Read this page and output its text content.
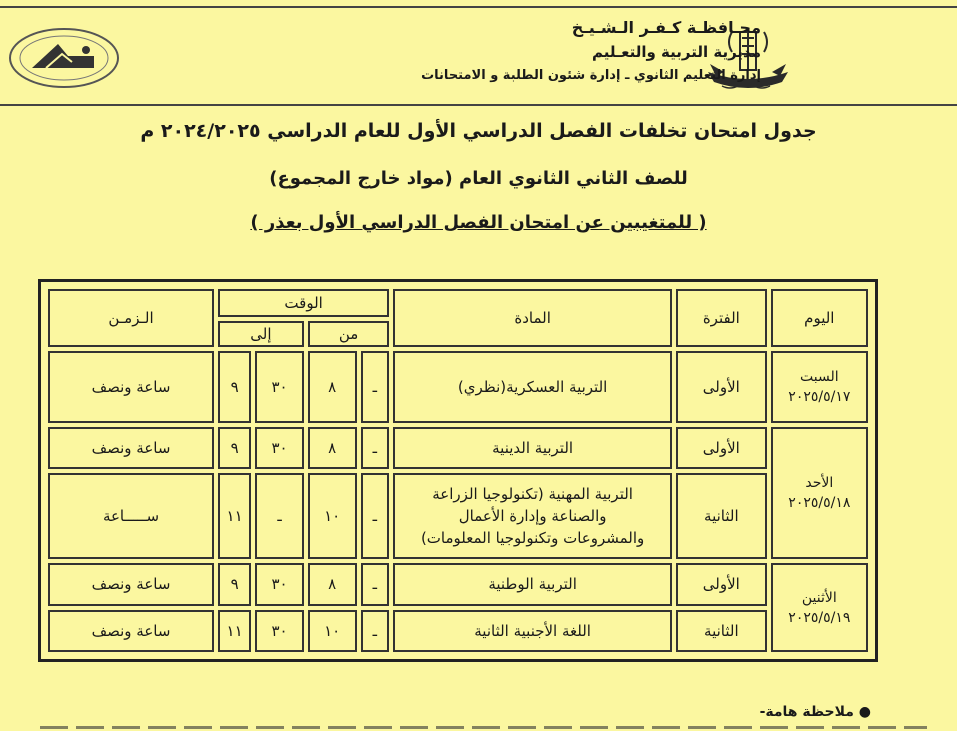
محـافظـة كـفـر الـشـيـخ
مديرية التربية والتعـليم
إدارة التعليم الثانوي ـ إدارة شئون الطلبة و الامتحانات
جدول امتحان تخلفات الفصل الدراسي الأول للعام الدراسي ٢٠٢٤/٢٠٢٥ م
للصف الثاني الثانوي العام (مواد خارج المجموع)
( للمتغيبين عن امتحان الفصل الدراسي الأول بعذر )
اليوم	الفترة	المادة	الوقت				الـزمـن
			من		إلى		

السبت
٢٠٢٥/٥/١٧	الأولى	التربية العسكرية(نظري)	ـ	٨	٣٠	٩	ساعة ونصف

الأحد
٢٠٢٥/٥/١٨	الأولى	التربية الدينية	ـ	٨	٣٠	٩	ساعة ونصف
	الثانية	التربية المهنية (تكنولوجيا الزراعة
والصناعة وإدارة الأعمال
والمشروعات وتكنولوجيا المعلومات)	ـ	١٠	ـ	١١	ســـــاعة

الأثنين
٢٠٢٥/٥/١٩	الأولى	التربية الوطنية	ـ	٨	٣٠	٩	ساعة ونصف
	الثانية	اللغة الأجنبية الثانية	ـ	١٠	٣٠	١١	ساعة ونصف
● ملاحظة هامة-
